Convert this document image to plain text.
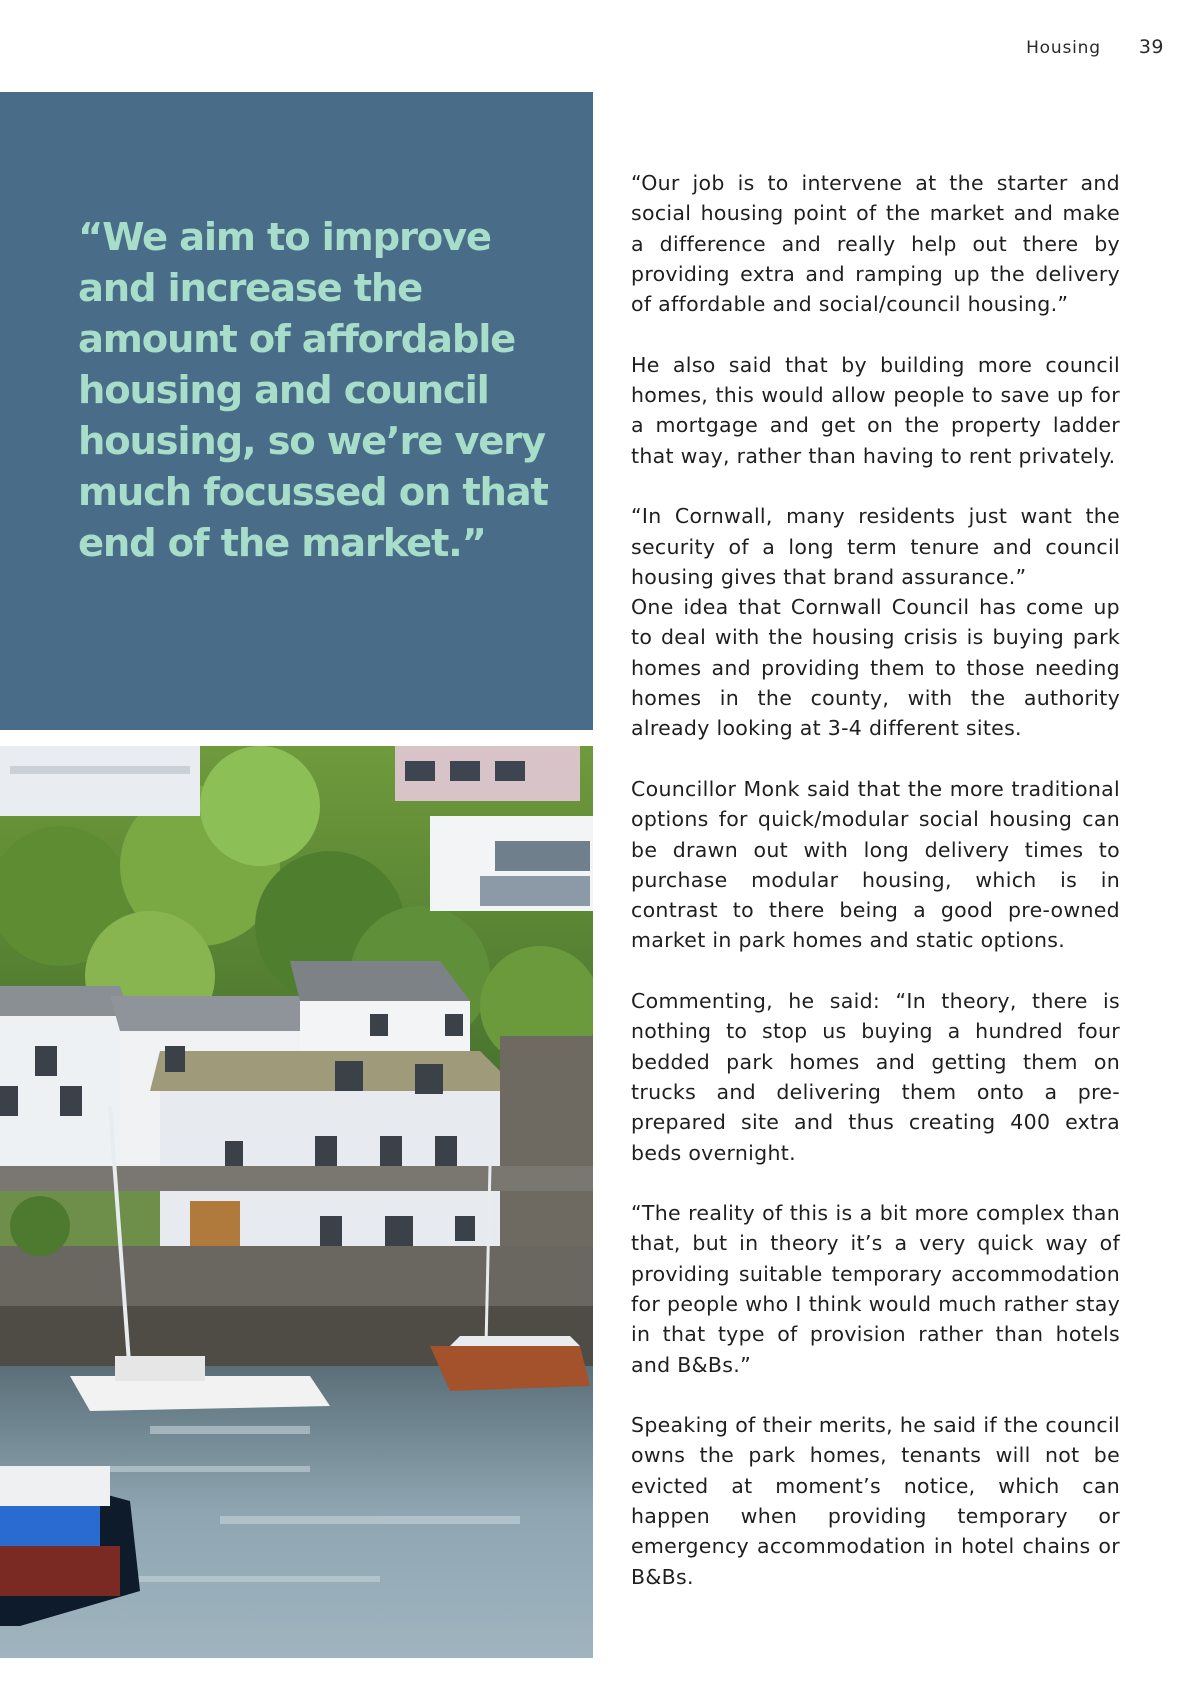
Housing 39
“We aim to improve and increase the amount of affordable housing and council housing, so we’re very much focussed on that end of the market.”

“Our job is to intervene at the starter and social housing point of the market and make a difference and really help out there by providing extra and ramping up the delivery of affordable and social/council housing.”

He also said that by building more council homes, this would allow people to save up for a mortgage and get on the property ladder that way, rather than having to rent privately.

“In Cornwall, many residents just want the security of a long term tenure and council housing gives that brand assurance.”

One idea that Cornwall Council has come up to deal with the housing crisis is buying park homes and providing them to those needing homes in the county, with the authority already looking at 3-4 different sites.

Councillor Monk said that the more traditional options for quick/modular social housing can be drawn out with long delivery times to purchase modular housing, which is in contrast to there being a good pre-owned market in park homes and static options.

Commenting, he said: “In theory, there is nothing to stop us buying a hundred four bedded park homes and getting them on trucks and delivering them onto a pre-prepared site and thus creating 400 extra beds overnight.

“The reality of this is a bit more complex than that, but in theory it’s a very quick way of providing suitable temporary accommodation for people who I think would much rather stay in that type of provision rather than hotels and B&Bs.”

Speaking of their merits, he said if the council owns the park homes, tenants will not be evicted at moment’s notice, which can happen when providing temporary or emergency accommodation in hotel chains or B&Bs.
